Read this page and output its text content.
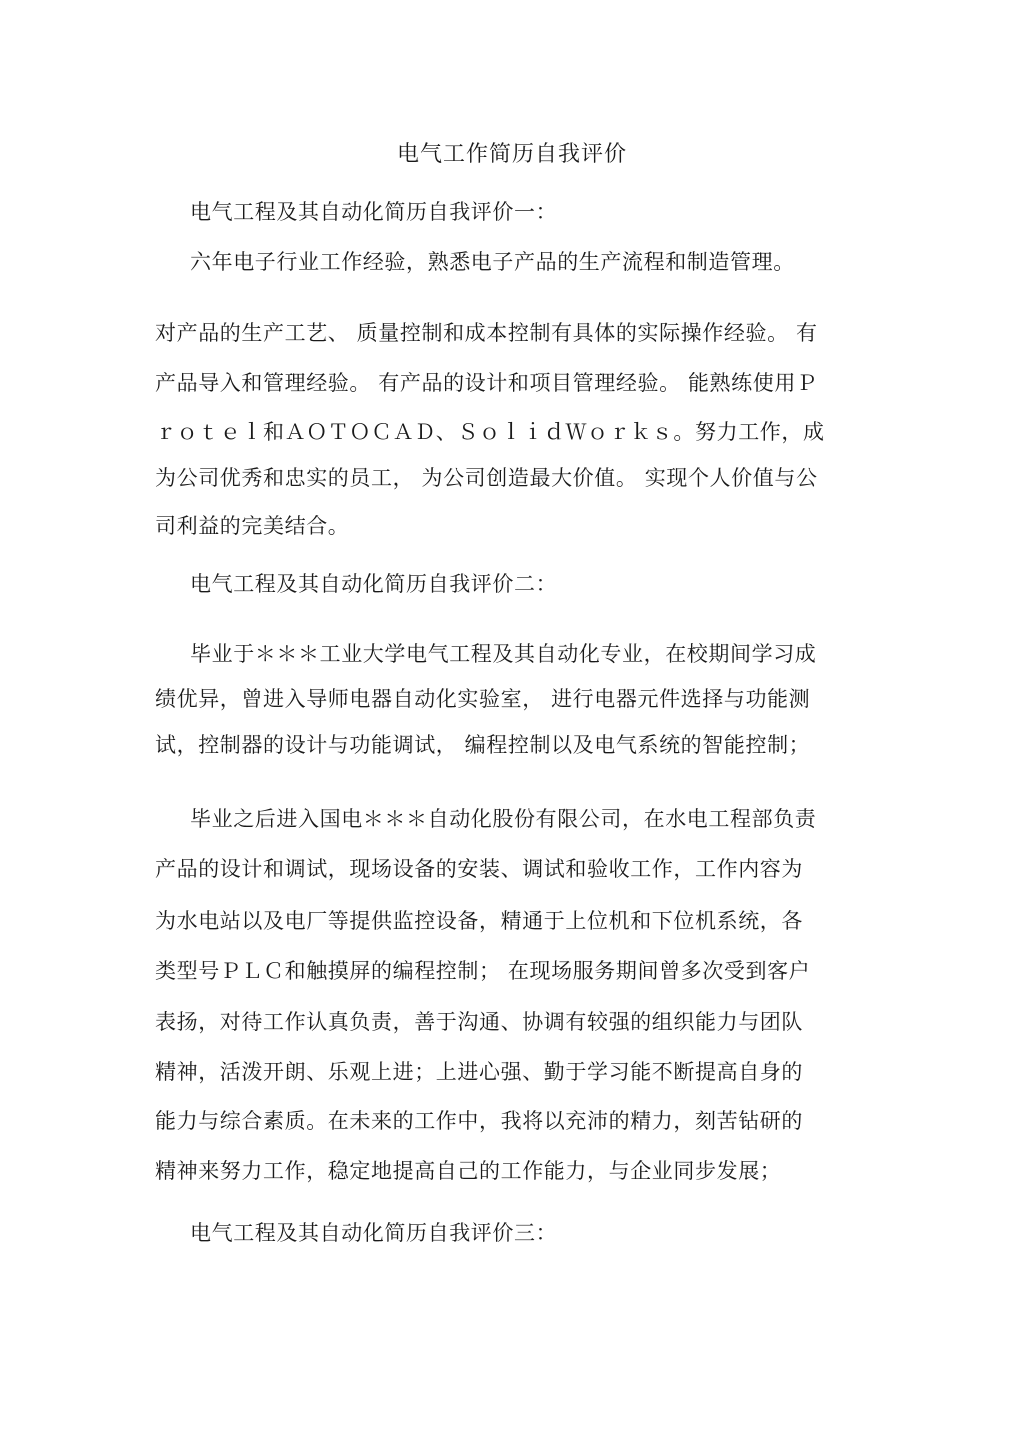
电气工作简历自我评价

电气工程及其自动化简历自我评价一：

六年电子行业工作经验，熟悉电子产品的生产流程和制造管理。

对产品的生产工艺、 质量控制和成本控制有具体的实际操作经验。 有

产品导入和管理经验。 有产品的设计和项目管理经验。 能熟练使用Ｐ

ｒｏｔｅｌ和ＡＯＴＯＣＡＤ、ＳｏｌｉｄＷｏｒｋｓ。努力工作，成

为公司优秀和忠实的员工， 为公司创造最大价值。 实现个人价值与公

司利益的完美结合。

电气工程及其自动化简历自我评价二：

毕业于＊＊＊工业大学电气工程及其自动化专业，在校期间学习成

绩优异，曾进入导师电器自动化实验室， 进行电器元件选择与功能测

试，控制器的设计与功能调试， 编程控制以及电气系统的智能控制；

毕业之后进入国电＊＊＊自动化股份有限公司，在水电工程部负责

产品的设计和调试，现场设备的安装、调试和验收工作，工作内容为

为水电站以及电厂等提供监控设备，精通于上位机和下位机系统，各

类型号ＰＬＣ和触摸屏的编程控制； 在现场服务期间曾多次受到客户

表扬，对待工作认真负责，善于沟通、协调有较强的组织能力与团队

精神，活泼开朗、乐观上进；上进心强、勤于学习能不断提高自身的

能力与综合素质。在未来的工作中，我将以充沛的精力，刻苦钻研的

精神来努力工作，稳定地提高自己的工作能力，与企业同步发展；

电气工程及其自动化简历自我评价三：
